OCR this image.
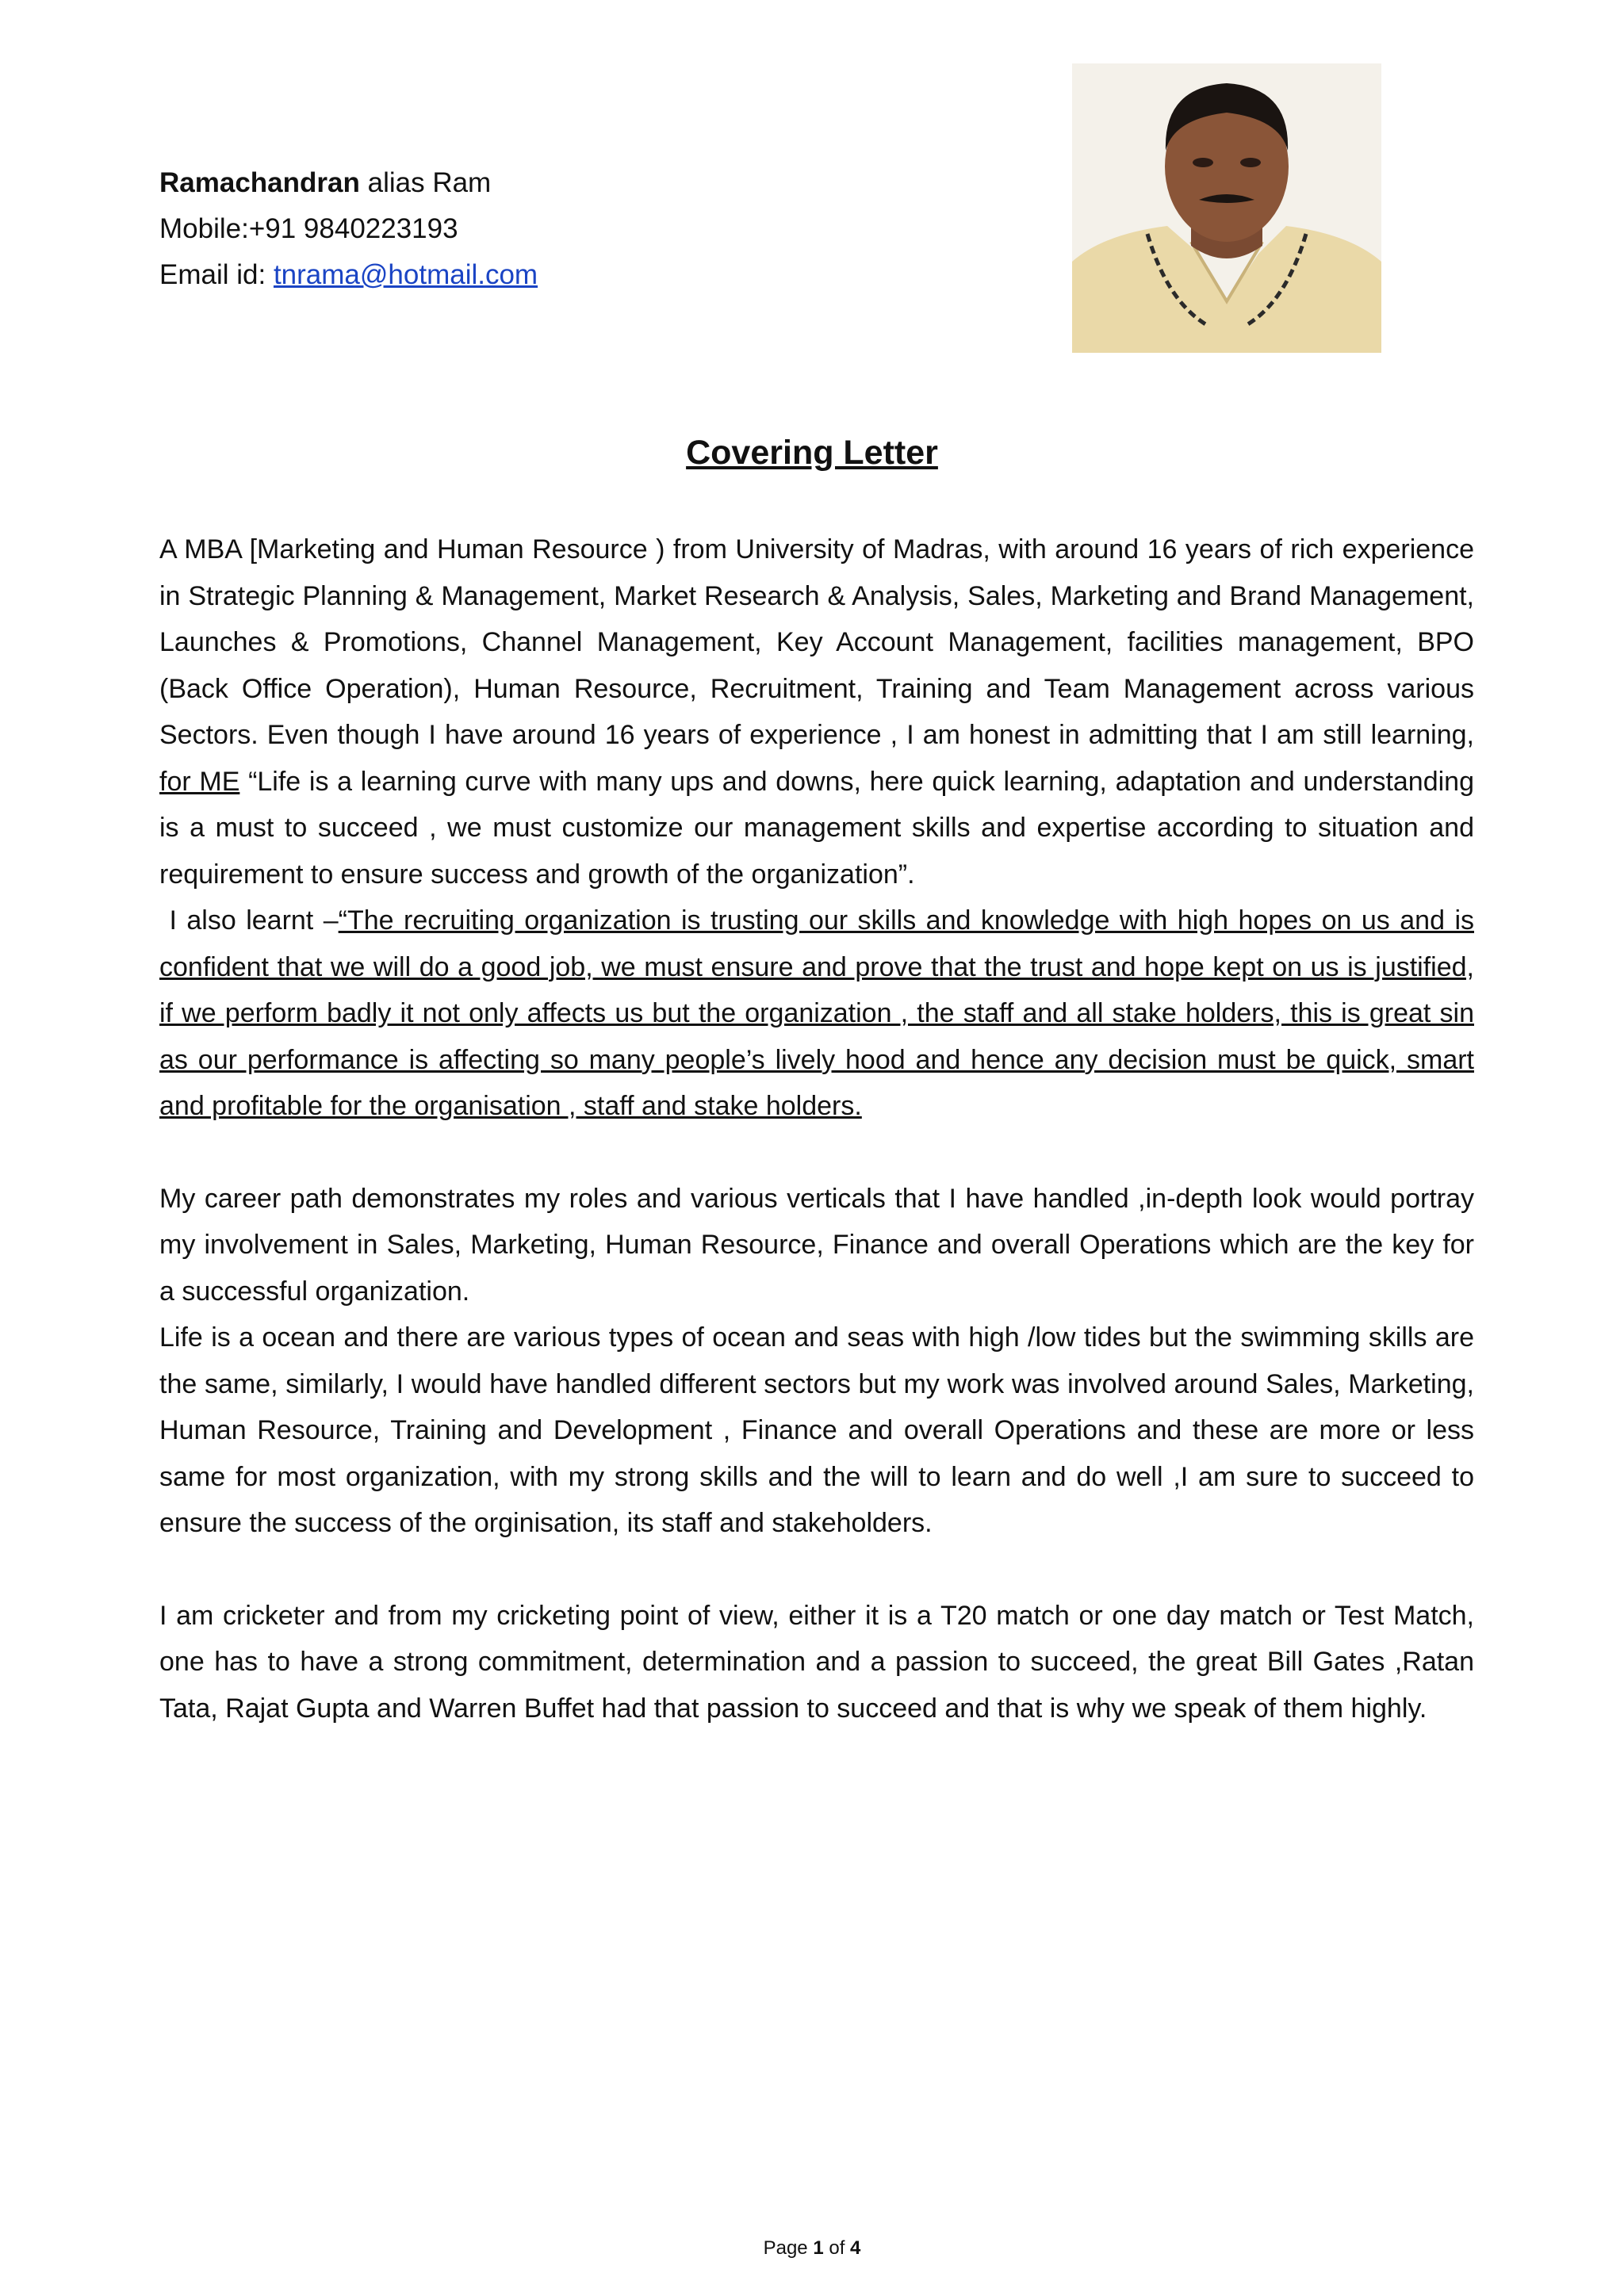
Ramachandran alias Ram
Mobile:+91 9840223193
Email id: tnrama@hotmail.com
Covering Letter

A MBA [Marketing and Human Resource ) from University of Madras, with around 16 years of rich experience in Strategic Planning & Management, Market Research & Analysis, Sales, Marketing and Brand Management, Launches & Promotions, Channel Management, Key Account Management, facilities management, BPO (Back Office Operation), Human Resource, Recruitment, Training and Team Management across various Sectors. Even though I have around 16 years of experience , I am honest in admitting that I am still learning, for ME “Life is a learning curve with many ups and downs, here quick learning, adaptation and understanding is a must to succeed , we must customize our management skills and expertise according to situation and requirement to ensure success and growth of the organization”.
I also learnt –“The recruiting organization is trusting our skills and knowledge with high hopes on us and is confident that we will do a good job, we must ensure and prove that the trust and hope kept on us is justified, if we perform badly it not only affects us but the organization , the staff and all stake holders, this is great sin as our performance is affecting so many people’s lively hood and hence any decision must be quick, smart and profitable for the organisation , staff and stake holders.

My career path demonstrates my roles and various verticals that I have handled ,in-depth look would portray my involvement in Sales, Marketing, Human Resource, Finance and overall Operations which are the key for a successful organization.
Life is a ocean and there are various types of ocean and seas with high /low tides but the swimming skills are the same, similarly, I would have handled different sectors but my work was involved around Sales, Marketing, Human Resource, Training and Development , Finance and overall Operations and these are more or less same for most organization, with my strong skills and the will to learn and do well ,I am sure to succeed to ensure the success of the orginisation, its staff and stakeholders.

I am cricketer and from my cricketing point of view, either it is a T20 match or one day match or Test Match, one has to have a strong commitment, determination and a passion to succeed, the great Bill Gates ,Ratan Tata, Rajat Gupta and Warren Buffet had that passion to succeed and that is why we speak of them highly.

Page 1 of 4
